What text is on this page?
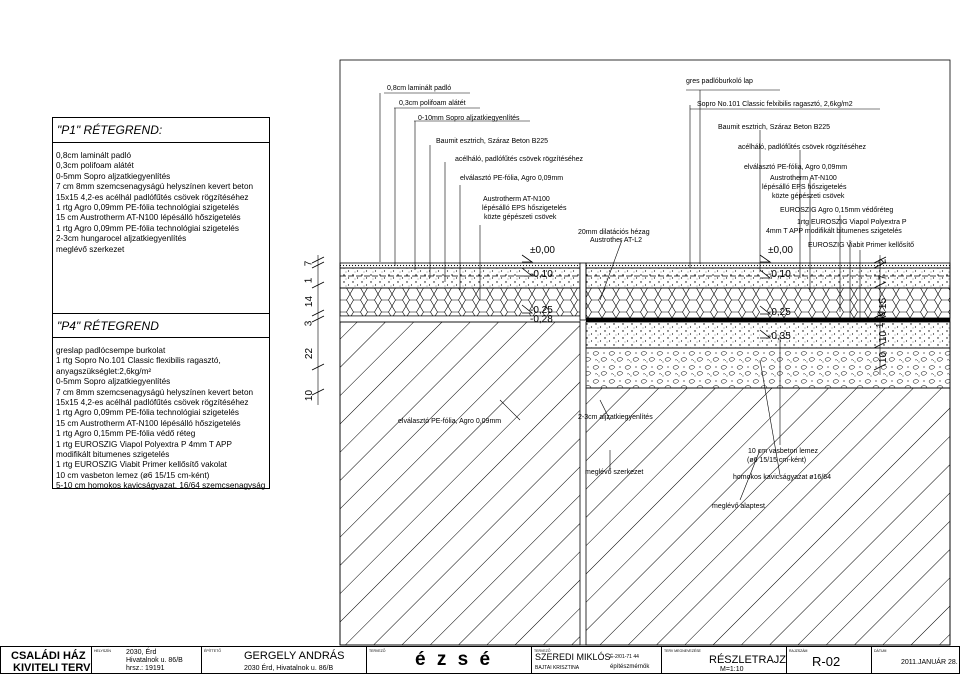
"P1" RÉTEGREND:
0,8cm laminált padló
0,3cm polifoam alátét
0-5mm Sopro aljzatkiegyenlítés
7 cm 8mm szemcsenagyságú helyszínen kevert beton
15x15 4,2-es acélhál padlófűtés csövek rögzítéséhez
1 rtg Agro 0,09mm PE-fólia technológiai szigetelés
15 cm Austrotherm AT-N100 lépésálló hőszigetelés
1 rtg Agro 0,09mm PE-fólia technológiai szigetelés
2-3cm hungarocel aljzatkiegyenlítés
meglévő szerkezet
"P4" RÉTEGREND
greslap padlócsempe burkolat
1 rtg Sopro No.101 Classic flexibilis ragasztó,
anyagszükséglet:2,6kg/m²
0-5mm Sopro aljzatkiegyenlítés
7 cm 8mm szemcsenagyságú helyszínen kevert beton
15x15 4,2-es acélhál padlófűtés csövek rögzítéséhez
1 rtg Agro 0,09mm PE-fólia technológiai szigetelés
15 cm Austrotherm AT-N100 lépésálló hőszigetelés
1 rtg Agro 0,15mm PE-fólia védő réteg
1 rtg EUROSZIG Viapol Polyextra P 4mm T APP
modifikált bitumenes szigetelés
1 rtg EUROSZIG Viabit Primer kellősítő vakolat
10 cm vasbeton lemez (ø6 15/15 cm-ként)
5-10 cm homokos kavicságyazat, 16/64 szemcsenagyság
0,8cm laminált padló
0,3cm polifoam alátét
0-10mm Sopro aljzatkiegyenlítés
Baumit esztrich, Száraz Beton B225
acélháló, padlófűtés csövek rögzítéséhez
elválasztó PE-fólia, Agro 0,09mm
Austrotherm AT-N100
lépésálló EPS hőszigetelés
közte gépészeti csövek
20mm dilatációs hézag
Austrother AT-L2
gres padlóburkoló lap
Sopro No.101 Classic felxibilis ragasztó, 2,6kg/m2
Baumit esztrich, Száraz Beton B225
acélháló, padlófűtés csövek rögzítéséhez
elválasztó PE-fólia, Agro 0,09mm
Austrotherm AT-N100
lépésálló EPS hőszigetelés
közte gépészeti csövek
EUROSZIG Agro 0,15mm védőréteg
1rtg EUROSZIG Viapol Polyextra P
4mm T APP modifikált bitumenes szigetelés
EUROSZIG Viabit Primer kellősítő
elválasztó PE-fólia, Agro 0,09mm
2-3cm aljzatkiegyenlítés
meglévő szerkezet
10 cm vasbeton lemez
(ø6 15/15 cm-ként)
homokos kavicságyazat ø16/64
meglévő alaptest
±0,00
-0,10
-0,25
-0,28
±0,00
-0,10
-0,25
-0,35
10
22
3
14
1
7
10
10
1rtg
15
7
2
CSALÁDI HÁZ
KIVITELI TERV
HELYSZÍN 2030, Érd
Hivatalnok u. 86/B
hrsz.: 19191
ÉPÍTTETŐ GERGELY ANDRÁS
2030 Érd, Hivatalnok u. 86/B
TERVEZŐ é z s é	TERVEZŐ
SZEREDI MIKLÓS
BAJTAI KRISZTINA
É-2/01-71 44
építészmérnök
TERV MEGNEVEZÉSE
RÉSZLETRAJZ
M=1:10
RAJZSZÁM
R-02
DÁTUM
2011.JANUÁR 28.
